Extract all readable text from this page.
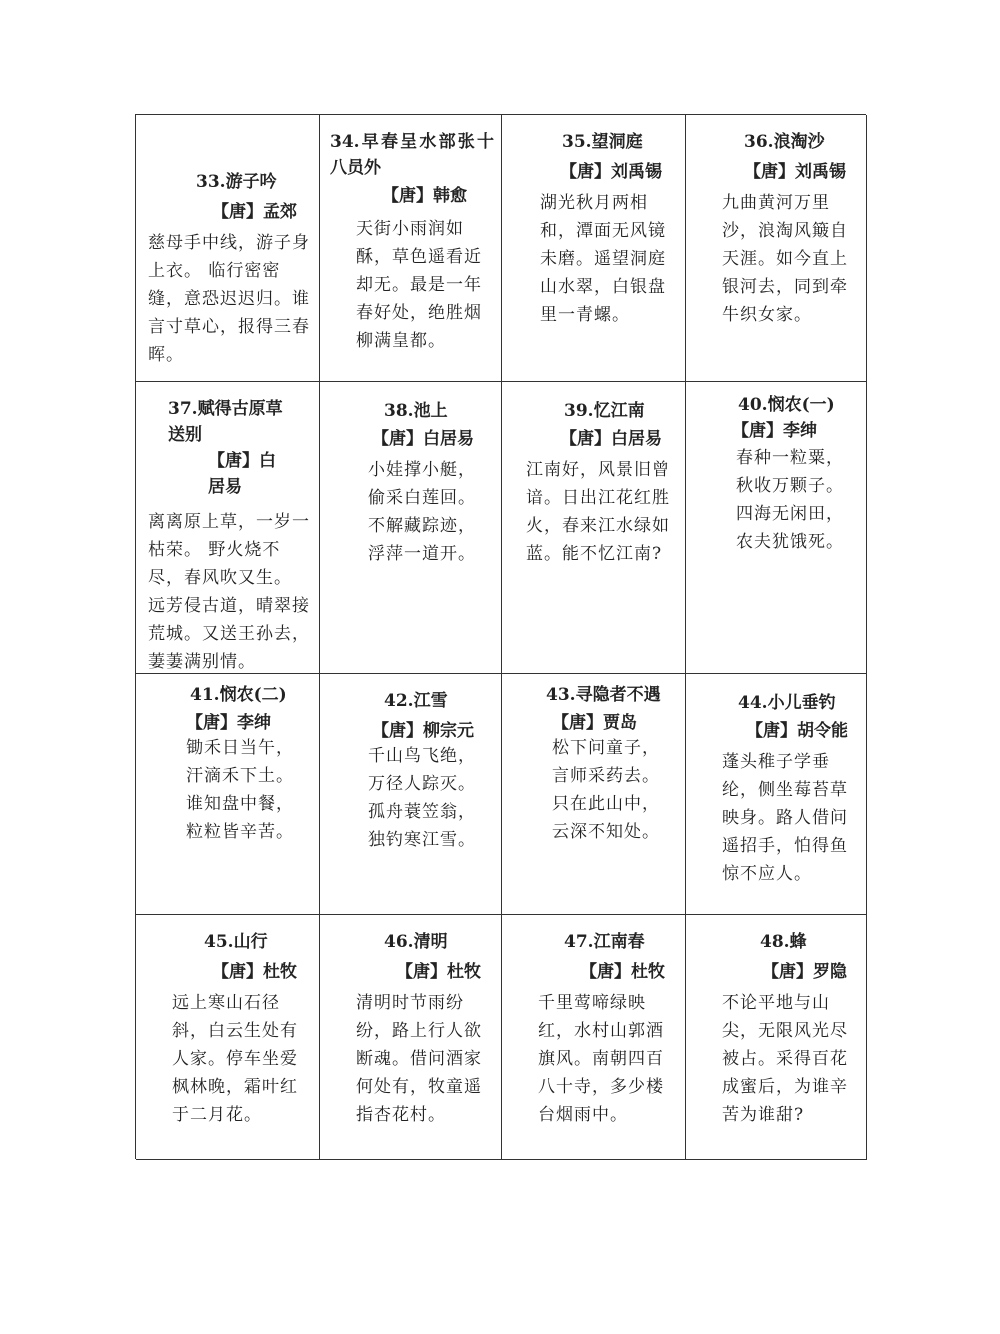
33.游子吟
【唐】孟郊
慈母手中线，游子身上衣。 临行密密缝，意恐迟迟归。谁言寸草心，报得三春晖。
34.早春呈水部张十八员外
【唐】韩愈
天街小雨润如酥，草色遥看近却无。最是一年春好处，绝胜烟柳满皇都。
35.望洞庭
【唐】刘禹锡
湖光秋月两相和，潭面无风镜未磨。遥望洞庭山水翠，白银盘里一青螺。
36.浪淘沙
【唐】刘禹锡
九曲黄河万里沙，浪淘风簸自天涯。如今直上银河去，同到牵牛织女家。
37.赋得古原草送别
【唐】白居易
离离原上草，一岁一枯荣。 野火烧不尽，春风吹又生。 远芳侵古道，晴翠接荒城。又送王孙去，萋萋满别情。
38.池上
【唐】白居易
小娃撑小艇，偷采白莲回。不解藏踪迹，浮萍一道开。
39.忆江南
【唐】白居易
江南好，风景旧曾谙。日出江花红胜火，春来江水绿如蓝。能不忆江南?
40.悯农(一)
【唐】李绅
春种一粒粟，秋收万颗子。四海无闲田，农夫犹饿死。
41.悯农(二)
【唐】李绅
锄禾日当午，汗滴禾下土。谁知盘中餐，粒粒皆辛苦。
42.江雪
【唐】柳宗元
千山鸟飞绝，万径人踪灭。孤舟蓑笠翁，独钓寒江雪。
43.寻隐者不遇
【唐】贾岛
松下问童子，言师采药去。只在此山中，云深不知处。
44.小儿垂钓
【唐】胡令能
蓬头稚子学垂纶，侧坐莓苔草映身。路人借问遥招手，怕得鱼惊不应人。
45.山行
【唐】杜牧
远上寒山石径斜，白云生处有人家。停车坐爱枫林晚，霜叶红于二月花。
46.清明
【唐】杜牧
清明时节雨纷纷，路上行人欲断魂。借问酒家何处有，牧童遥指杏花村。
47.江南春
【唐】杜牧
千里莺啼绿映红，水村山郭酒旗风。南朝四百八十寺，多少楼台烟雨中。
48.蜂
【唐】罗隐
不论平地与山尖，无限风光尽被占。采得百花成蜜后，为谁辛苦为谁甜?
